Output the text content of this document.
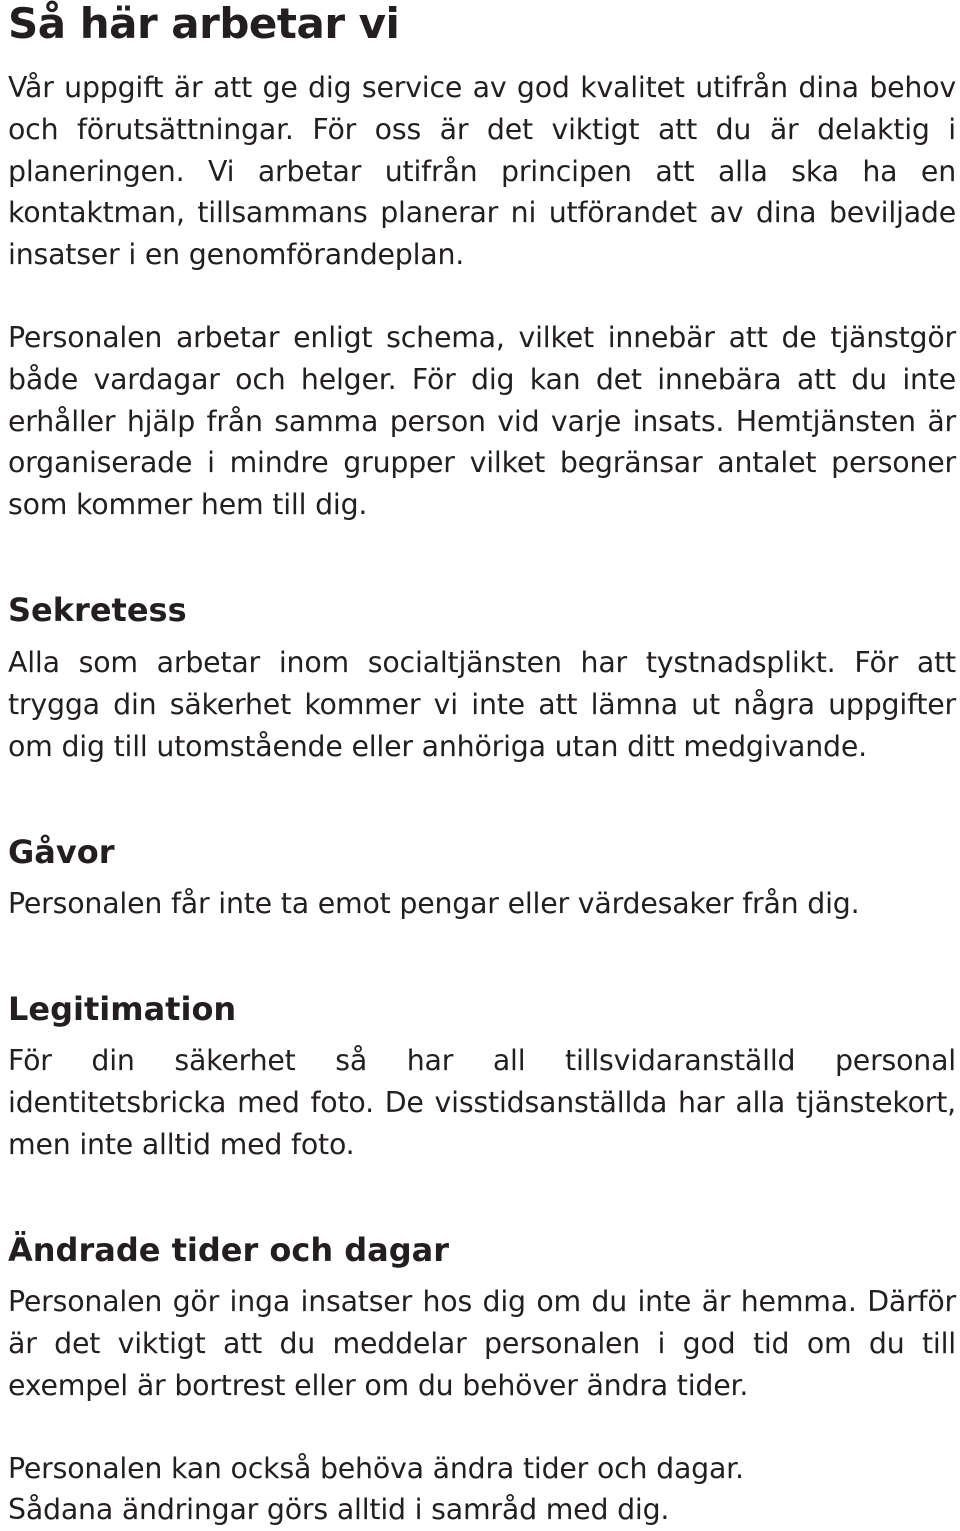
Så här arbetar vi

Vår uppgift är att ge dig service av god kvalitet utifrån dina behov och förutsättningar. För oss är det viktigt att du är delaktig i planeringen. Vi arbetar utifrån principen att alla ska ha en kontaktman, tillsammans planerar ni utförandet av dina beviljade insatser i en genomförandeplan.

Personalen arbetar enligt schema, vilket innebär att de tjänstgör både vardagar och helger. För dig kan det innebära att du inte erhåller hjälp från samma person vid varje insats. Hemtjänsten är organiserade i mindre grupper vilket begränsar antalet personer som kommer hem till dig.

Sekretess

Alla som arbetar inom socialtjänsten har tystnadsplikt. För att trygga din säkerhet kommer vi inte att lämna ut några uppgifter om dig till utomstående eller anhöriga utan ditt medgivande.

Gåvor

Personalen får inte ta emot pengar eller värdesaker från dig.

Legitimation

För din säkerhet så har all tillsvidaranställd personal identitetsbricka med foto. De visstidsanställda har alla tjänstekort, men inte alltid med foto.

Ändrade tider och dagar

Personalen gör inga insatser hos dig om du inte är hemma. Därför är det viktigt att du meddelar personalen i god tid om du till exempel är bortrest eller om du behöver ändra tider.

Personalen kan också behöva ändra tider och dagar.

Sådana ändringar görs alltid i samråd med dig.
